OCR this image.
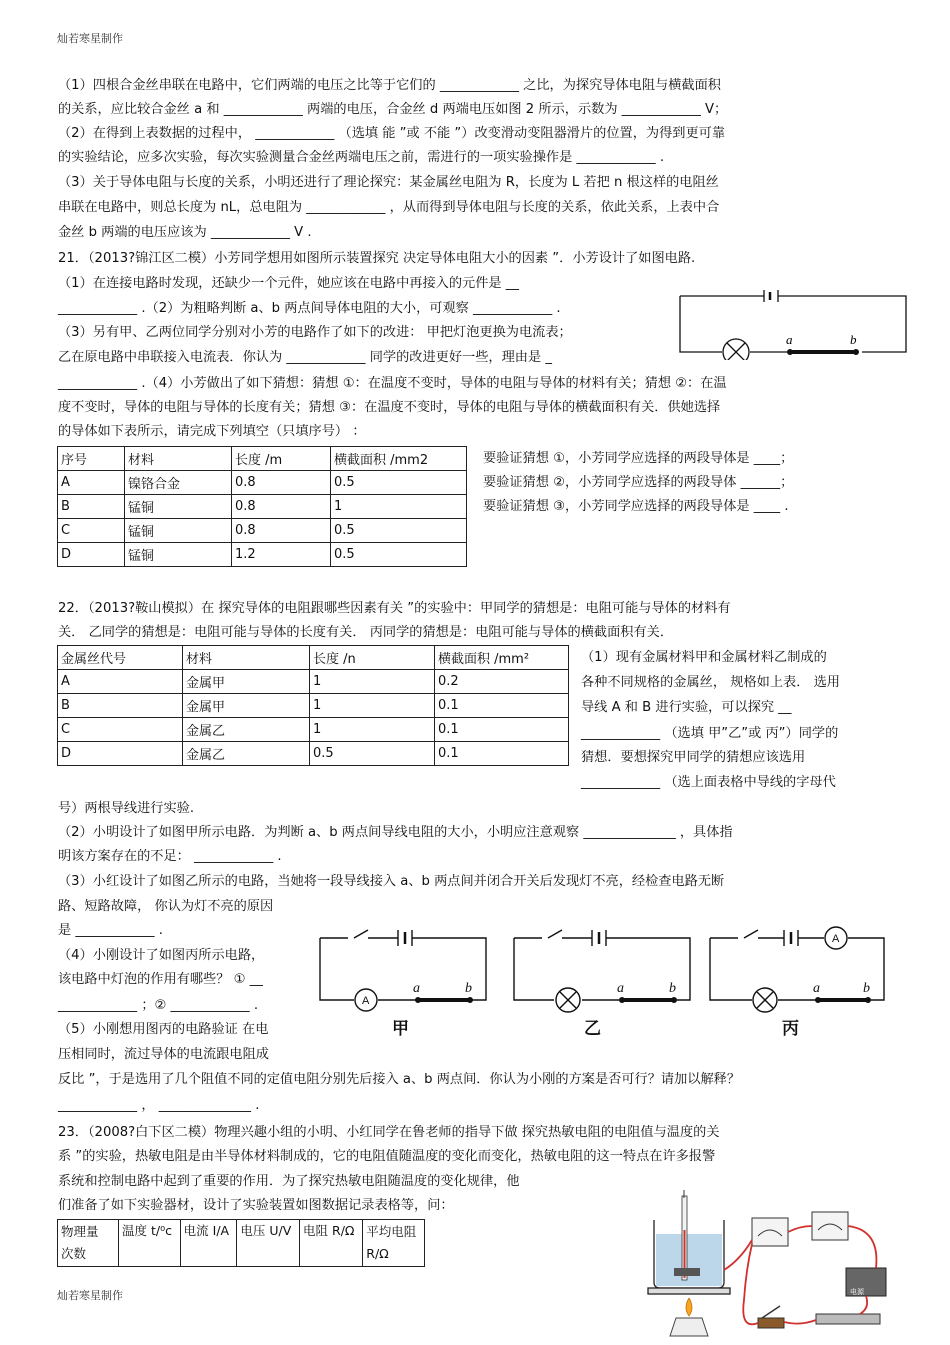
灿若寒星制作
（1）四根合金丝串联在电路中，它们两端的电压之比等于它们的 ____________ 之比，为探究导体电阻与横截面积
的关系，应比较合金丝 a 和 ____________ 两端的电压，合金丝 d 两端电压如图 2 所示，示数为 ____________ V；
（2）在得到上表数据的过程中， ____________ （选填 能 ”或 不能 ”）改变滑动变阻器滑片的位置，为得到更可靠
的实验结论，应多次实验，每次实验测量合金丝两端电压之前，需进行的一项实验操作是 ____________ .
（3）关于导体电阻与长度的关系，小明还进行了理论探究：某金属丝电阻为 R，长度为 L 若把 n 根这样的电阻丝
串联在电路中，则总长度为 nL，总电阻为 ____________ ，从而得到导体电阻与长度的关系，依此关系，上表中合
金丝 b 两端的电压应该为 ____________ V .
21．（2013?锦江区二模）小芳同学想用如图所示装置探究 决定导体电阻大小的因素 ”．小芳设计了如图电路.
（1）在连接电路时发现，还缺少一个元件，她应该在电路中再接入的元件是 __
____________ .（2）为粗略判断 a、b 两点间导体电阻的大小，可观察 ____________ .
（3）另有甲、乙两位同学分别对小芳的电路作了如下的改进： 甲把灯泡更换为电流表；
乙在原电路中串联接入电流表．你认为 ____________ 同学的改进更好一些，理由是 _
____________ .（4）小芳做出了如下猜想：猜想 ①：在温度不变时，导体的电阻与导体的材料有关；猜想 ②：在温
度不变时，导体的电阻与导体的长度有关；猜想 ③：在温度不变时，导体的电阻与导体的横截面积有关．供她选择
的导体如下表所示，请完成下列填空（只填序号） ：
a	b
序号	材料	长度 /m	横截面积 /mm2
A	镍铬合金	0.8	0.5
B	锰铜	0.8	1
C	锰铜	0.8	0.5
D	锰铜	1.2	0.5
要验证猜想 ①，小芳同学应选择的两段导体是 ____；
要验证猜想 ②，小芳同学应选择的两段导体 ______；
要验证猜想 ③，小芳同学应选择的两段导体是 ____ .
22．（2013?鞍山模拟）在 探究导体的电阻跟哪些因素有关 ”的实验中：甲同学的猜想是：电阻可能与导体的材料有
关． 乙同学的猜想是：电阻可能与导体的长度有关． 丙同学的猜想是：电阻可能与导体的横截面积有关．
金属丝代号	材料	长度 /n	横截面积 /mm²
A	金属甲	1	0.2
B	金属甲	1	0.1
C	金属乙	1	0.1
D	金属乙	0.5	0.1
（1）现有金属材料甲和金属材料乙制成的
各种不同规格的金属丝， 规格如上表． 选用
导线 A 和 B 进行实验，可以探究 __
____________ （选填 甲”乙”或 丙”）同学的
猜想．要想探究甲同学的猜想应该选用
____________ （选上面表格中导线的字母代
号）两根导线进行实验.
（2）小明设计了如图甲所示电路．为判断 a、b 两点间导线电阻的大小，小明应注意观察 ______________ ，具体指
明该方案存在的不足： ____________ .
（3）小红设计了如图乙所示的电路，当她将一段导线接入 a、b 两点间并闭合开关后发现灯不亮，经检查电路无断
路、短路故障， 你认为灯不亮的原因
是 ____________ .
（4）小刚设计了如图丙所示电路，
该电路中灯泡的作用有哪些？ ① __
____________ ；② ____________ .
（5）小刚想用图丙的电路验证 在电
压相同时，流过导体的电流跟电阻成
反比 ”，于是选用了几个阻值不同的定值电阻分别先后接入 a、b 两点间．你认为小刚的方案是否可行？请加以解释？
____________ ， ______________ .
a	b	a	b	a	b
A
A
甲	乙	丙
23．（2008?白下区二模）物理兴趣小组的小明、小红同学在鲁老师的指导下做 探究热敏电阻的电阻值与温度的关
系 ”的实验，热敏电阻是由半导体材料制成的，它的电阻值随温度的变化而变化，热敏电阻的这一特点在许多报警
系统和控制电路中起到了重要的作用．为了探究热敏电阻随温度的变化规律，他
们准备了如下实验器材，设计了实验装置如图数据记录表格等，问：
物理量
次数
	温度 t/⁰c	电流 I/A	电压 U/V	电阻 R/Ω	平均电阻
R/Ω
电源
灿若寒星制作
